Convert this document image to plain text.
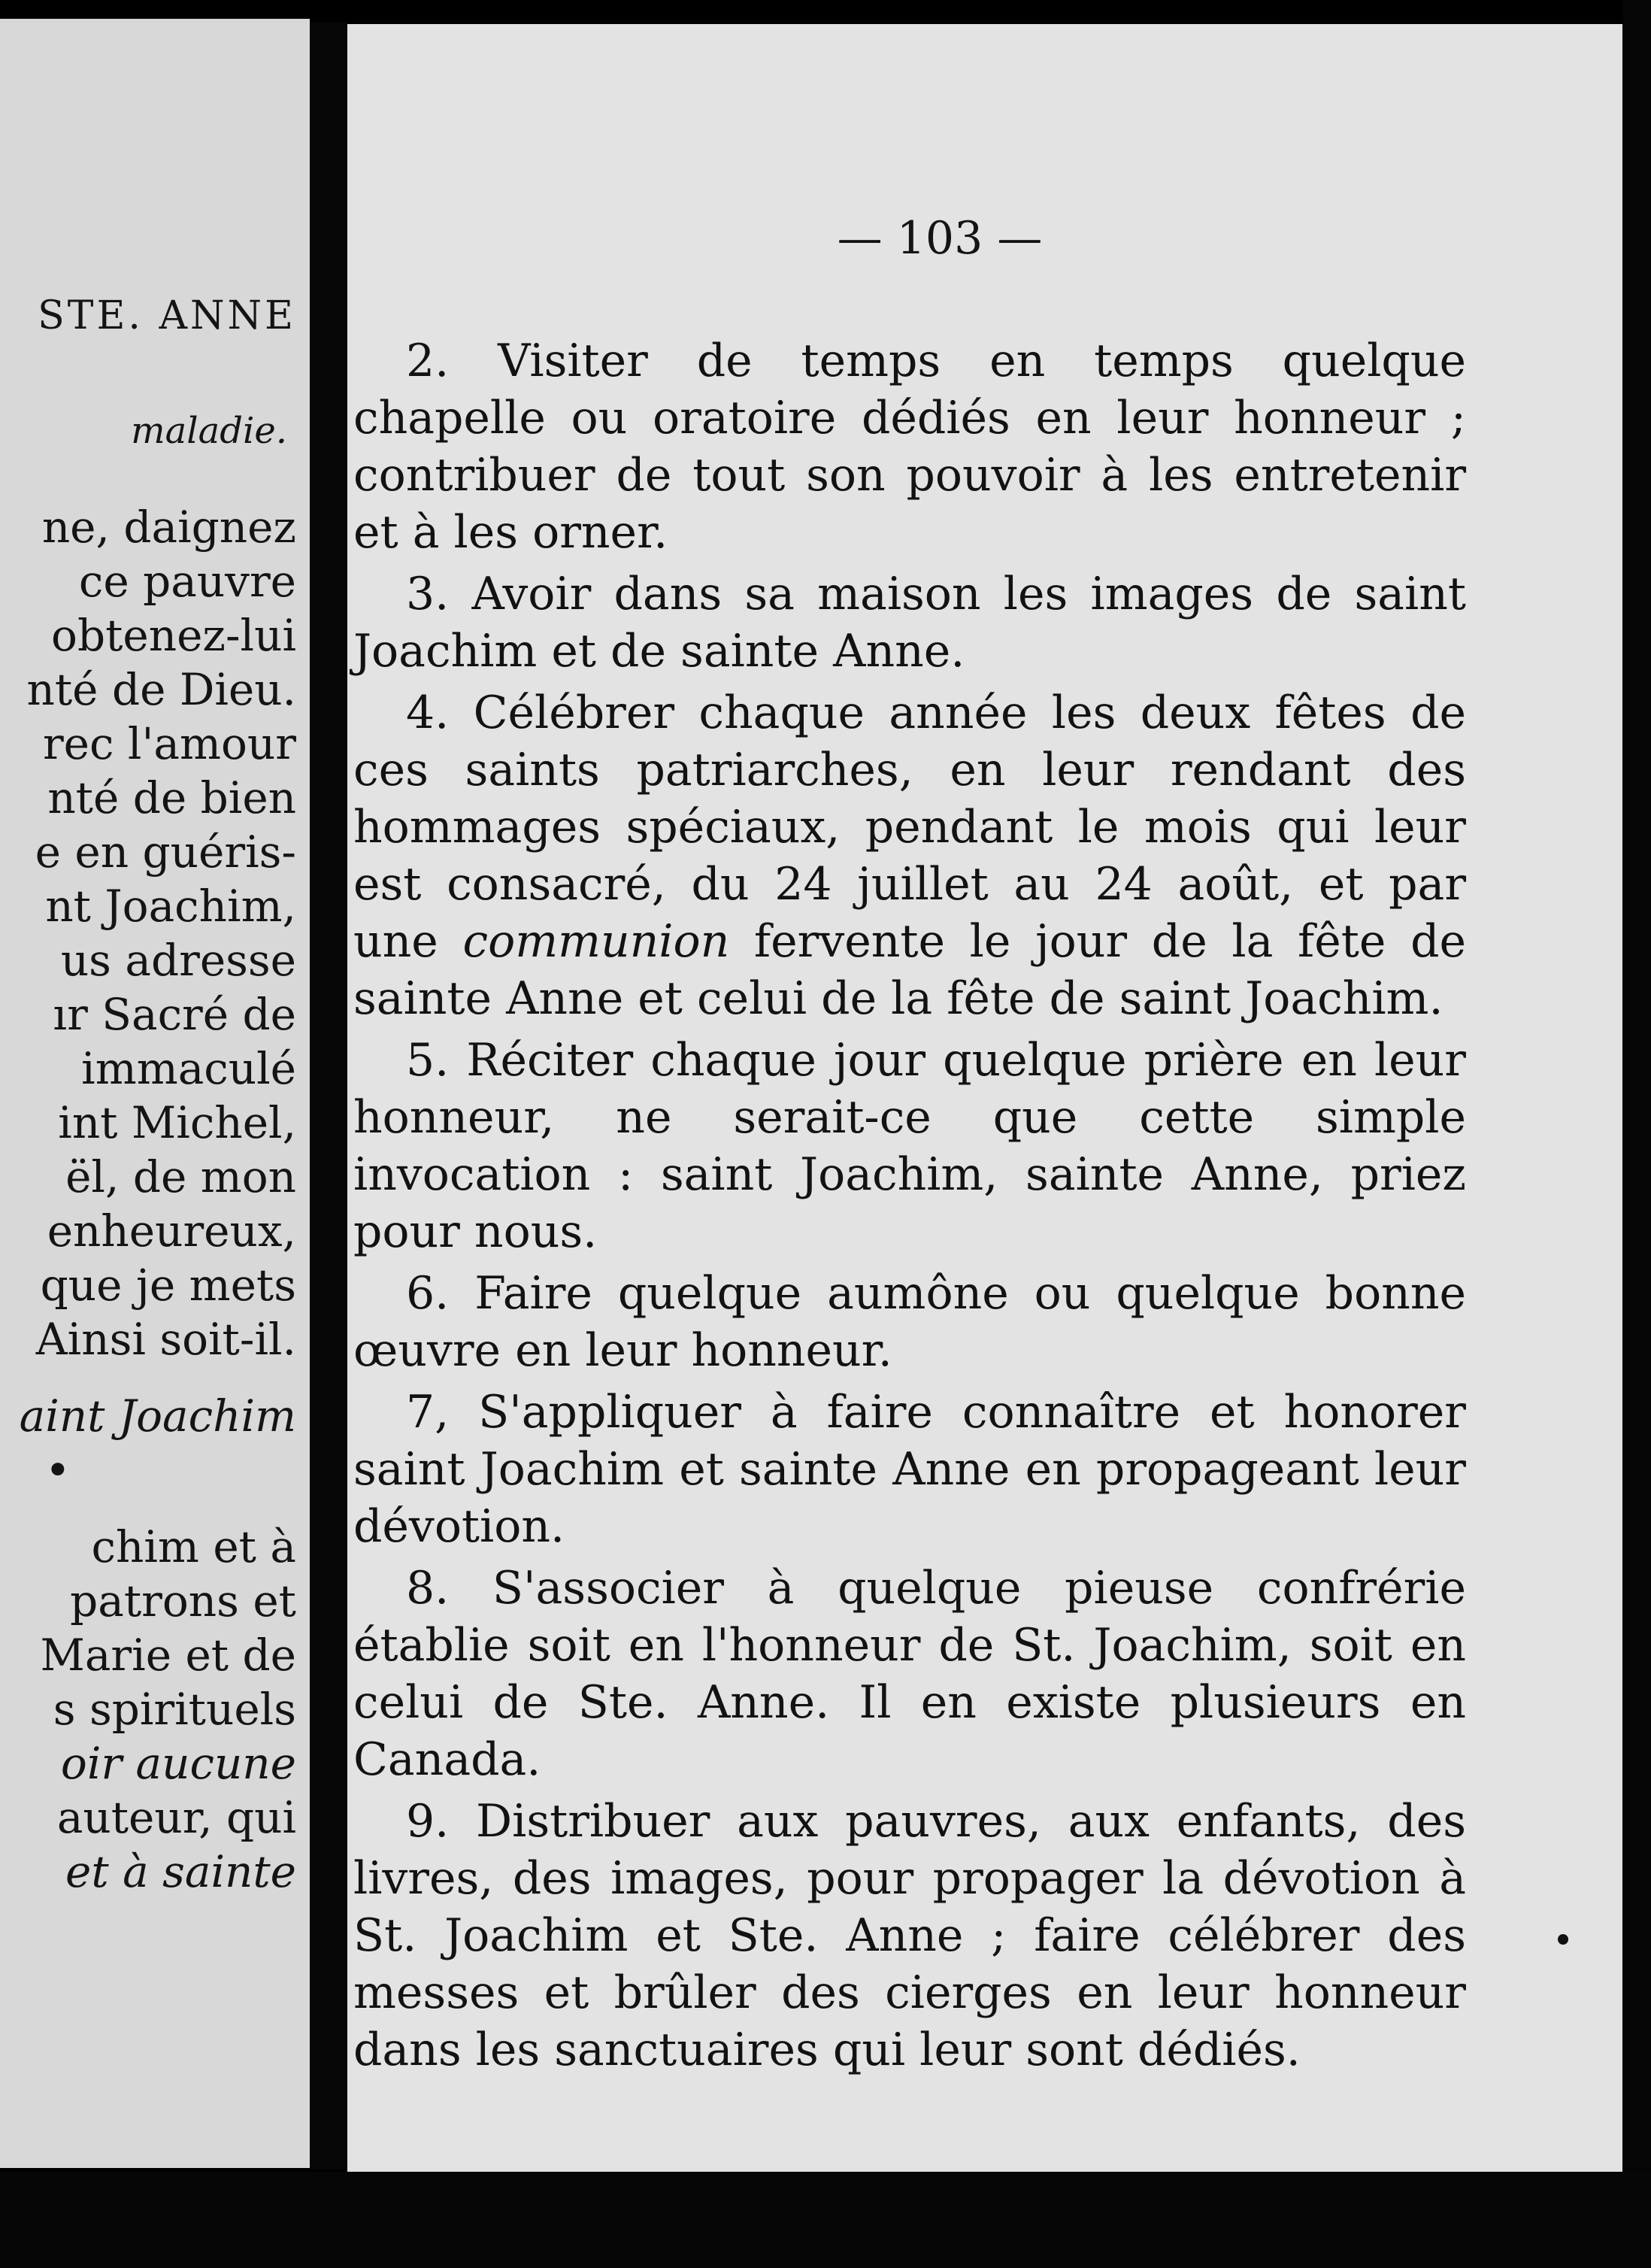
STE. ANNE
maladie.
ne, daignez
ce pauvre
obtenez-lui
nté de Dieu.
rec l'amour
nté de bien
e en guéris-
nt Joachim,
us adresse
ır Sacré de
immaculé
int Michel,
ël, de mon
enheureux,
que je mets
Ainsi soit-il.
aint Joachim
•
chim et à
patrons et
Marie et de
s spirituels
oir aucune
auteur, qui
et à sainte
— 103 —

2. Visiter de temps en temps quelque chapelle ou oratoire dédiés en leur honneur ; contribuer de tout son pouvoir à les entretenir et à les orner.

3. Avoir dans sa maison les images de saint Joachim et de sainte Anne.

4. Célébrer chaque année les deux fêtes de ces saints patriarches, en leur rendant des hommages spéciaux, pendant le mois qui leur est consacré, du 24 juillet au 24 août, et par une communion fervente le jour de la fête de sainte Anne et celui de la fête de saint Joachim.

5. Réciter chaque jour quelque prière en leur honneur, ne serait-ce que cette simple invocation : saint Joachim, sainte Anne, priez pour nous.

6. Faire quelque aumône ou quelque bonne œuvre en leur honneur.

7, S'appliquer à faire connaître et honorer saint Joachim et sainte Anne en propageant leur dévotion.

8. S'associer à quelque pieuse confrérie établie soit en l'honneur de St. Joachim, soit en celui de Ste. Anne. Il en existe plusieurs en Canada.

9. Distribuer aux pauvres, aux enfants, des livres, des images, pour propager la dévotion à St. Joachim et Ste. Anne ; faire célébrer des messes et brûler des cierges en leur honneur dans les sanctuaires qui leur sont dédiés.
